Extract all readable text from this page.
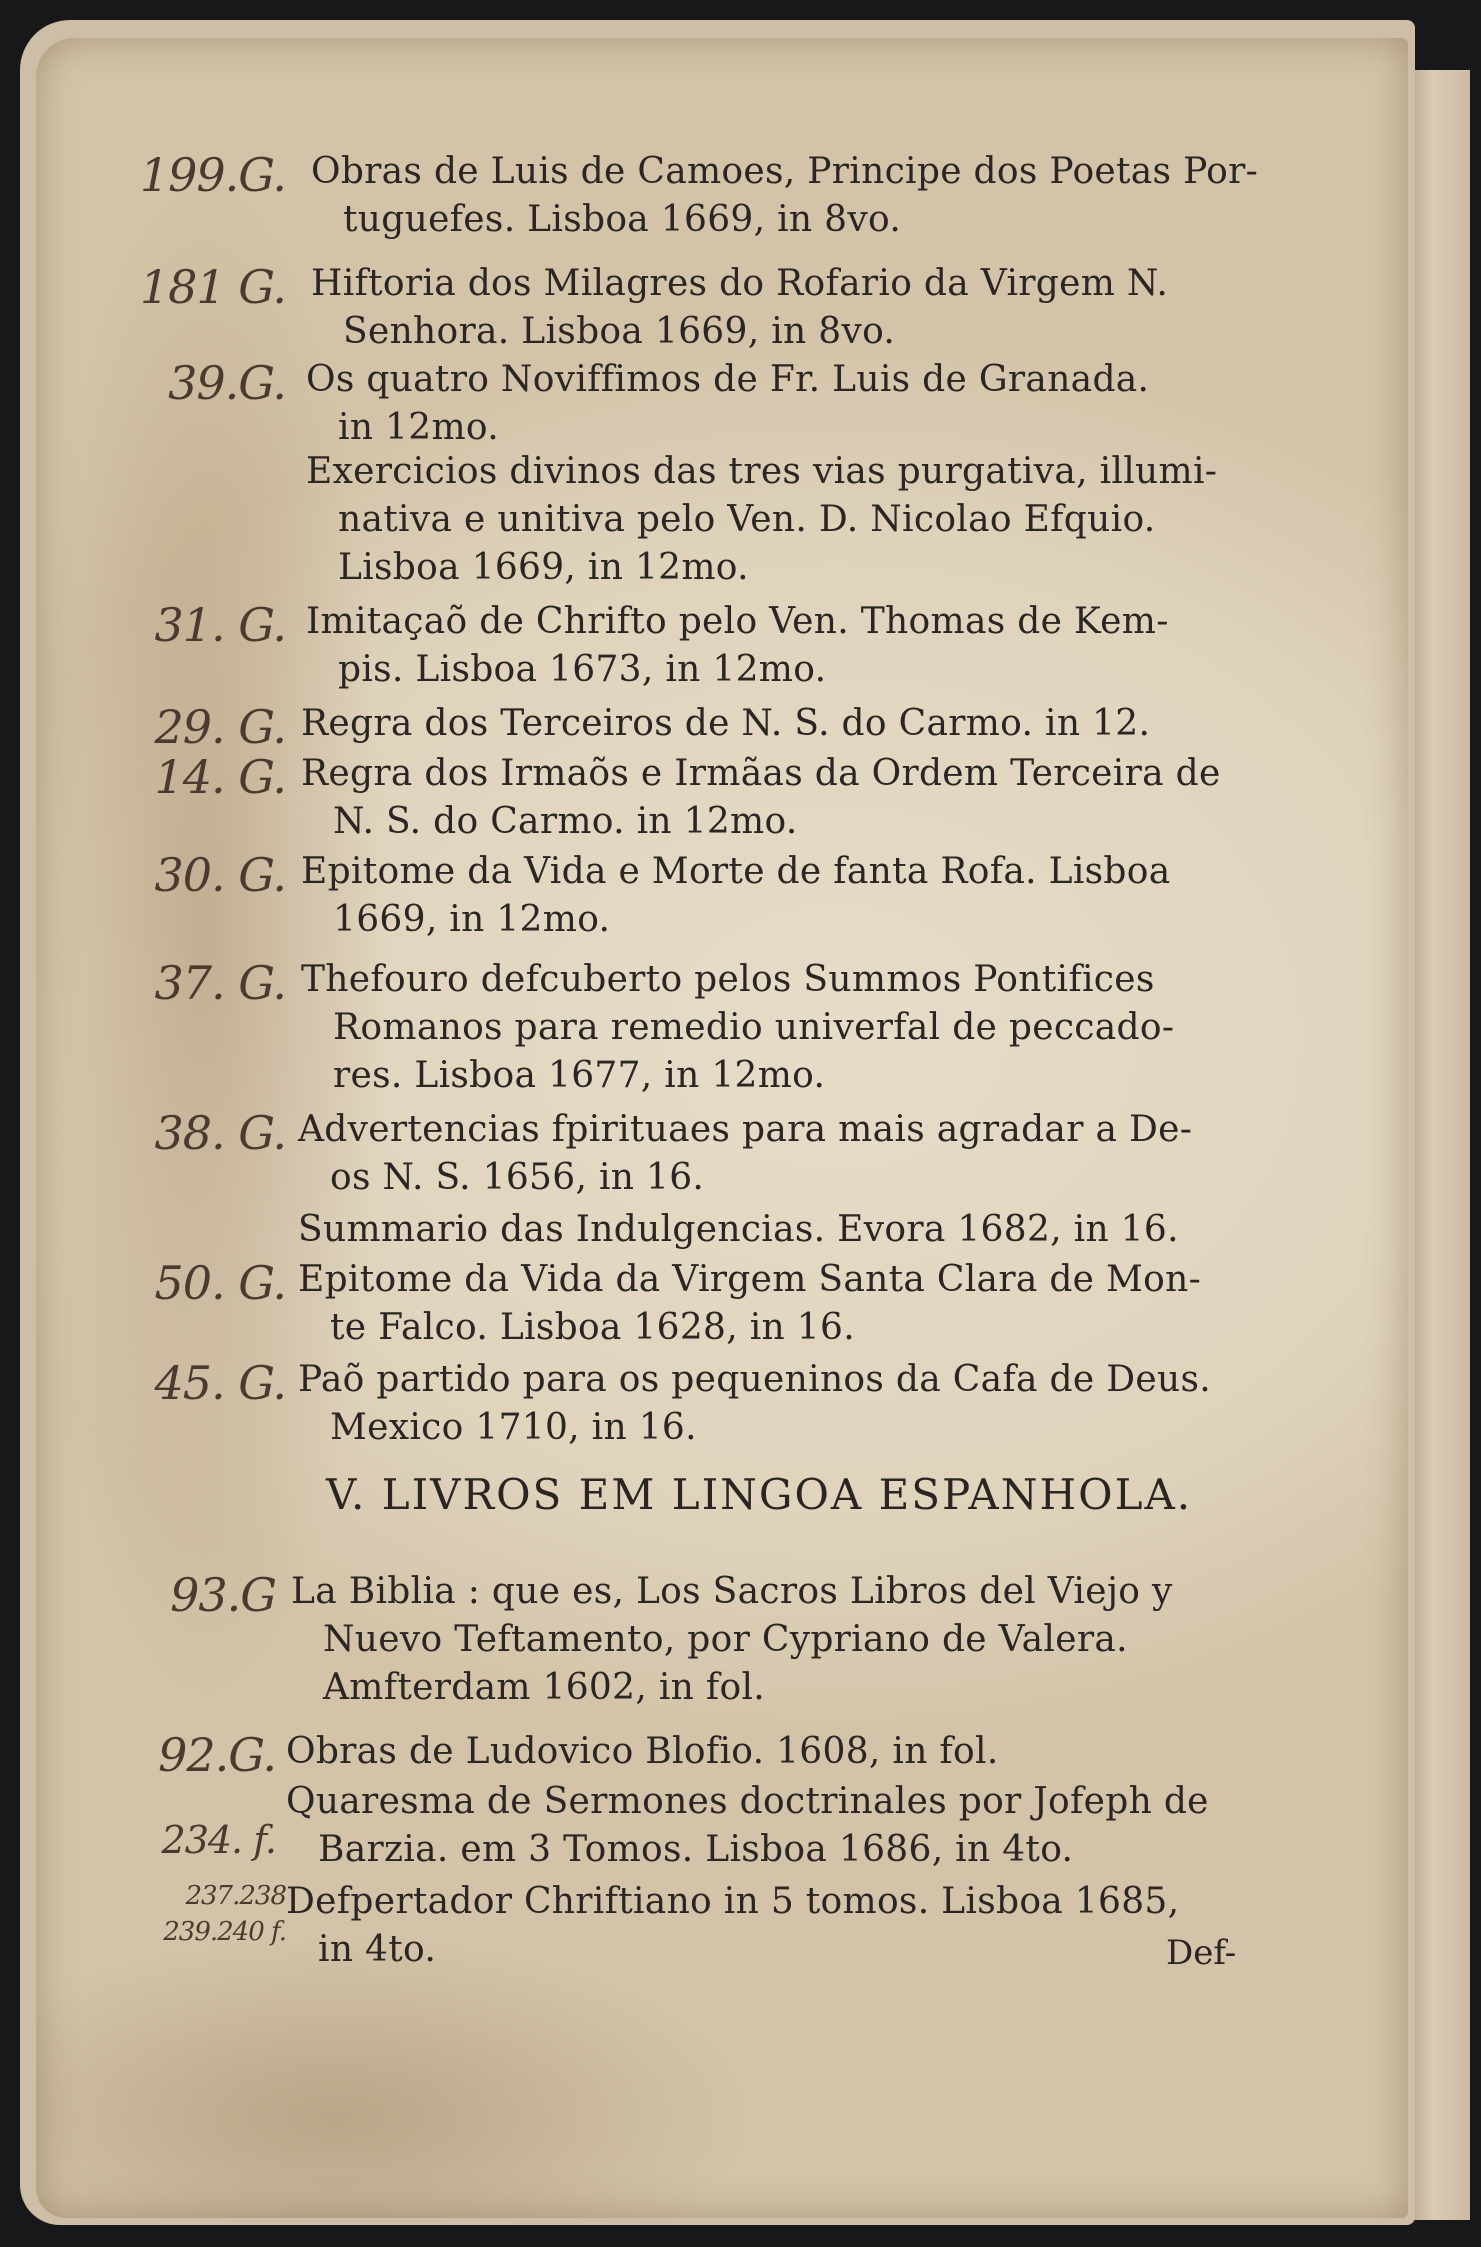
199.G. Obras de Luis de Camoes, Principe dos Poetas Por-
tuguefes. Lisboa 1669, in 8vo.
181 G. Hiftoria dos Milagres do Rofario da Virgem N.
Senhora. Lisboa 1669, in 8vo.
39.G. Os quatro Noviffimos de Fr. Luis de Granada.
in 12mo.
Exercicios divinos das tres vias purgativa, illumi-
nativa e unitiva pelo Ven. D. Nicolao Efquio.
Lisboa 1669, in 12mo.
31. G. Imitaçaõ de Chrifto pelo Ven. Thomas de Kem-
pis. Lisboa 1673, in 12mo.
29. G. Regra dos Terceiros de N. S. do Carmo. in 12.
14. G. Regra dos Irmaõs e Irmãas da Ordem Terceira de
N. S. do Carmo. in 12mo.
30. G. Epitome da Vida e Morte de fanta Rofa. Lisboa
1669, in 12mo.
37. G. Thefouro defcuberto pelos Summos Pontifices
Romanos para remedio univerfal de peccado-
res. Lisboa 1677, in 12mo.
38. G. Advertencias fpirituaes para mais agradar a De-
os N. S. 1656, in 16.
Summario das Indulgencias. Evora 1682, in 16.
50. G. Epitome da Vida da Virgem Santa Clara de Mon-
te Falco. Lisboa 1628, in 16.
45. G. Paõ partido para os pequeninos da Cafa de Deus.
Mexico 1710, in 16.
V. LIVROS EM LINGOA ESPANHOLA.
93.G La Biblia : que es, Los Sacros Libros del Viejo y
Nuevo Teftamento, por Cypriano de Valera.
Amfterdam 1602, in fol.
92.G. Obras de Ludovico Blofio. 1608, in fol.
234. f.
Quaresma de Sermones doctrinales por Jofeph de
Barzia. em 3 Tomos. Lisboa 1686, in 4to.
237.238 239.240 f.
Defpertador Chriftiano in 5 tomos. Lisboa 1685,
in 4to.	Def-
